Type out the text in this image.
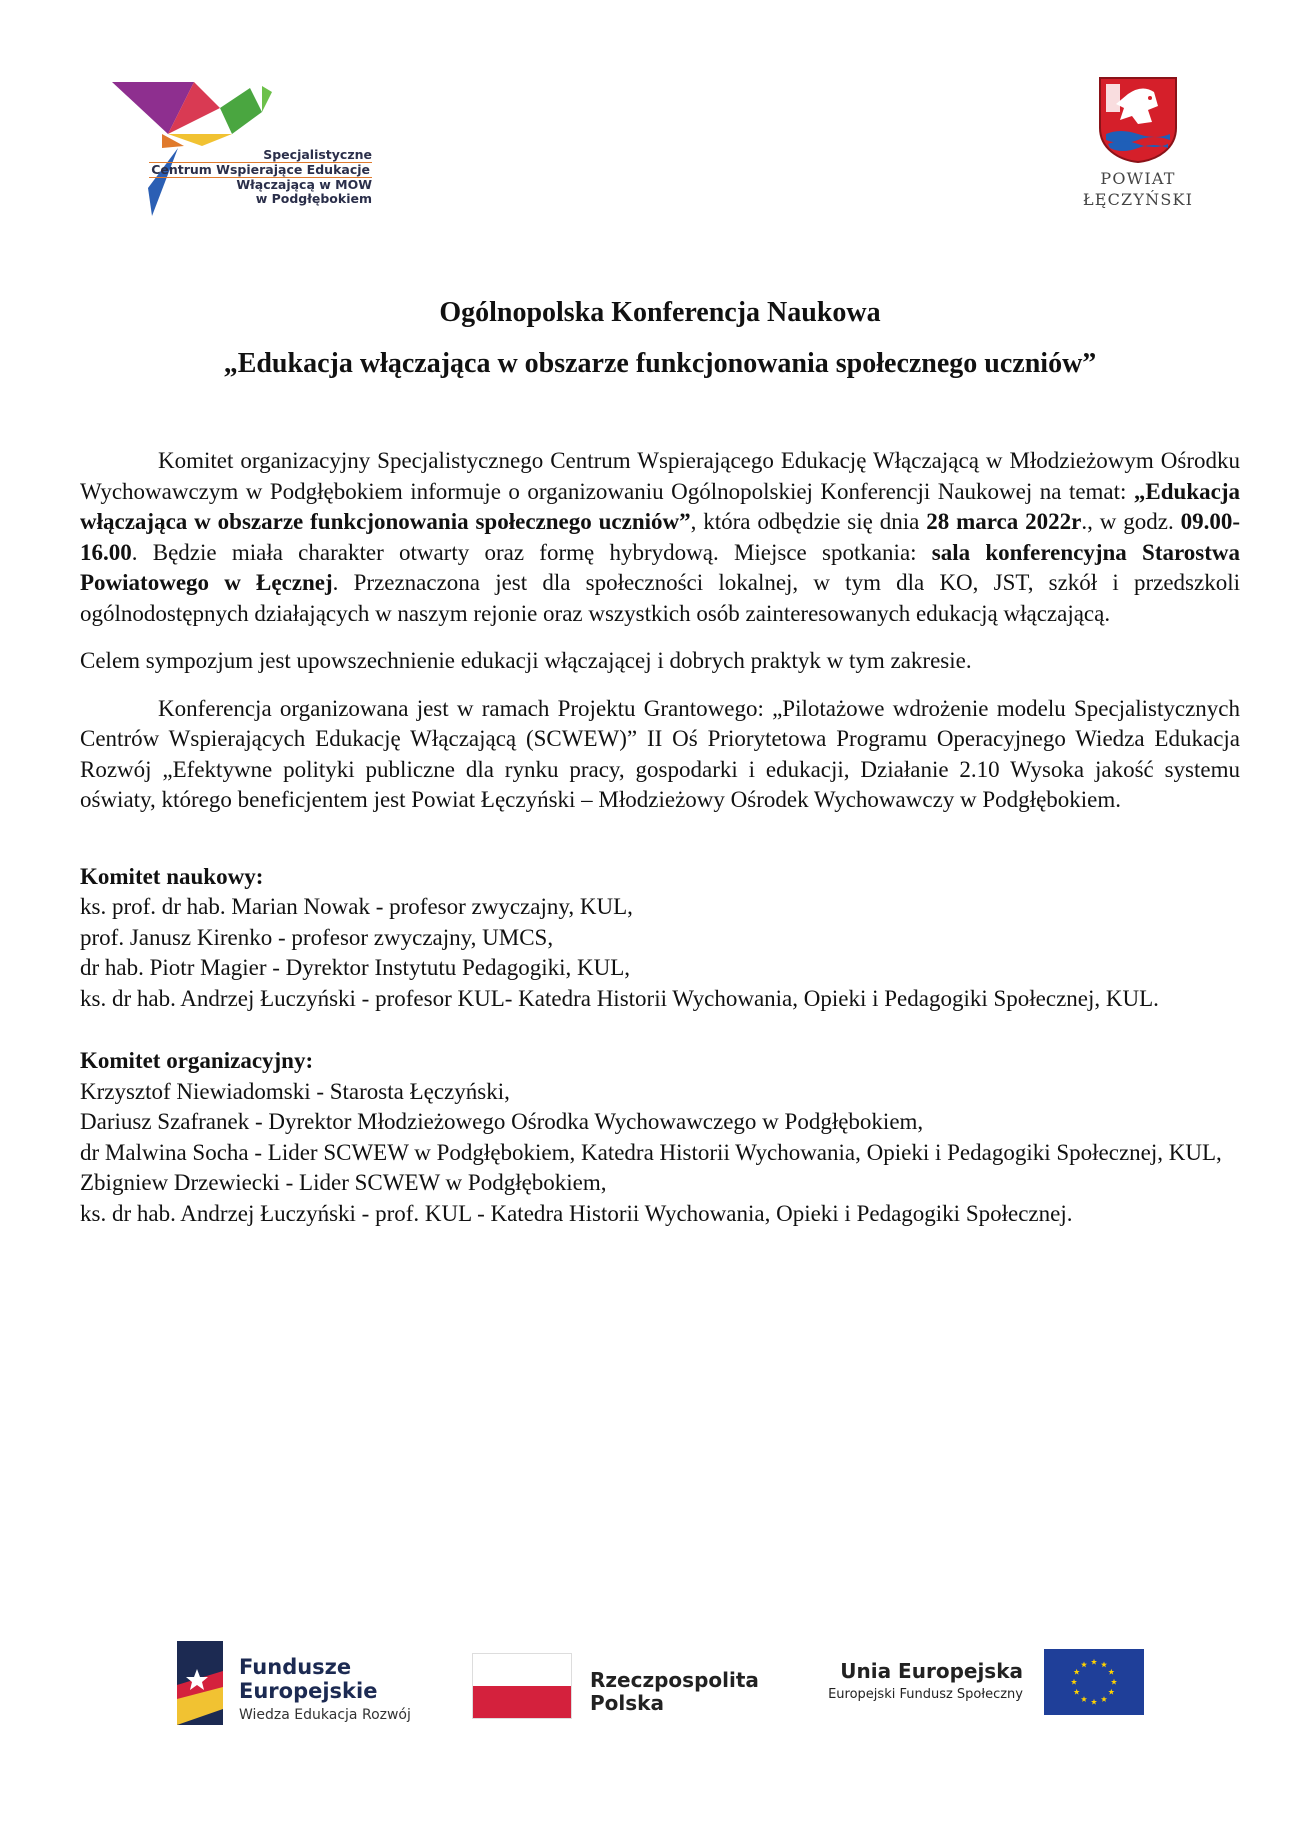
Specjalistyczne
Centrum Wspierające Edukacje
Włączającą w MOW
w Podgłębokiem
POWIAT
ŁĘCZYŃSKI
Ogólnopolska Konferencja Naukowa
„Edukacja włączająca w obszarze funkcjonowania społecznego uczniów”

Komitet organizacyjny Specjalistycznego Centrum Wspierającego Edukację Włączającą w Młodzieżowym Ośrodku Wychowawczym w Podgłębokiem informuje o organizowaniu Ogólnopolskiej Konferencji Naukowej na temat: „Edukacja włączająca w obszarze funkcjonowania społecznego uczniów”, która odbędzie się dnia 28 marca 2022r., w godz. 09.00- 16.00. Będzie miała charakter otwarty oraz formę hybrydową. Miejsce spotkania: sala konferencyjna Starostwa Powiatowego w Łęcznej. Przeznaczona jest dla społeczności lokalnej, w tym dla KO, JST, szkół i przedszkoli ogólnodostępnych działających w naszym rejonie oraz wszystkich osób zainteresowanych edukacją włączającą.

Celem sympozjum jest upowszechnienie edukacji włączającej i dobrych praktyk w tym zakresie.

Konferencja organizowana jest w ramach Projektu Grantowego: „Pilotażowe wdrożenie modelu Specjalistycznych Centrów Wspierających Edukację Włączającą (SCWEW)” II Oś Priorytetowa Programu Operacyjnego Wiedza Edukacja Rozwój „Efektywne polityki publiczne dla rynku pracy, gospodarki i edukacji, Działanie 2.10 Wysoka jakość systemu oświaty, którego beneficjentem jest Powiat Łęczyński – Młodzieżowy Ośrodek Wychowawczy w Podgłębokiem.

Komitet naukowy:

ks. prof. dr hab. Marian Nowak - profesor zwyczajny, KUL,

prof. Janusz Kirenko - profesor zwyczajny, UMCS,

dr hab. Piotr Magier - Dyrektor Instytutu Pedagogiki, KUL,

ks. dr hab. Andrzej Łuczyński - profesor KUL- Katedra Historii Wychowania, Opieki i Pedagogiki Społecznej, KUL.

Komitet organizacyjny:

Krzysztof Niewiadomski - Starosta Łęczyński,

Dariusz Szafranek - Dyrektor Młodzieżowego Ośrodka Wychowawczego w Podgłębokiem,

dr Malwina Socha - Lider SCWEW w Podgłębokiem, Katedra Historii Wychowania, Opieki i Pedagogiki Społecznej, KUL,

Zbigniew Drzewiecki - Lider SCWEW w Podgłębokiem,

ks. dr hab. Andrzej Łuczyński - prof. KUL - Katedra Historii Wychowania, Opieki i Pedagogiki Społecznej.

Fundusze
Europejskie
Wiedza Edukacja Rozwój
Rzeczpospolita
Polska
Unia Europejska
Europejski Fundusz Społeczny
